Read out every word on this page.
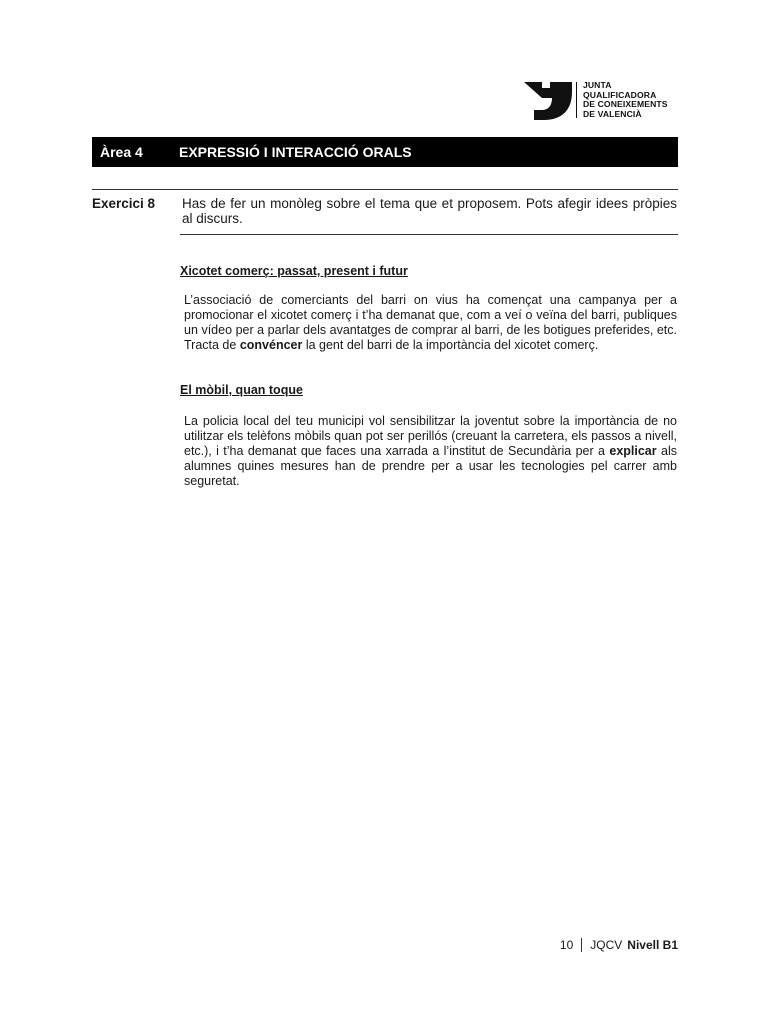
JUNTA
QUALIFICADORA
DE CONEIXEMENTS
DE VALENCIÀ
Àrea 4	EXPRESSIÓ I INTERACCIÓ ORALS
Exercici 8 Has de fer un monòleg sobre el tema que et proposem. Pots afegir idees pròpies al discurs.
Xicotet comerç: passat, present i futur
L’associació de comerciants del barri on vius ha començat una campanya per a promocionar el xicotet comerç i t’ha demanat que, com a veí o veïna del barri, publiques un vídeo per a parlar dels avantatges de comprar al barri, de les botigues preferides, etc. Tracta de convéncer la gent del barri de la importància del xicotet comerç.
El mòbil, quan toque
La policia local del teu municipi vol sensibilitzar la joventut sobre la importància de no utilitzar els telèfons mòbils quan pot ser perillós (creuant la carretera, els passos a nivell, etc.), i t’ha demanat que faces una xarrada a l’institut de Secundària per a explicar als alumnes quines mesures han de prendre per a usar les tecnologies pel carrer amb seguretat.
10 JQCV Nivell B1
